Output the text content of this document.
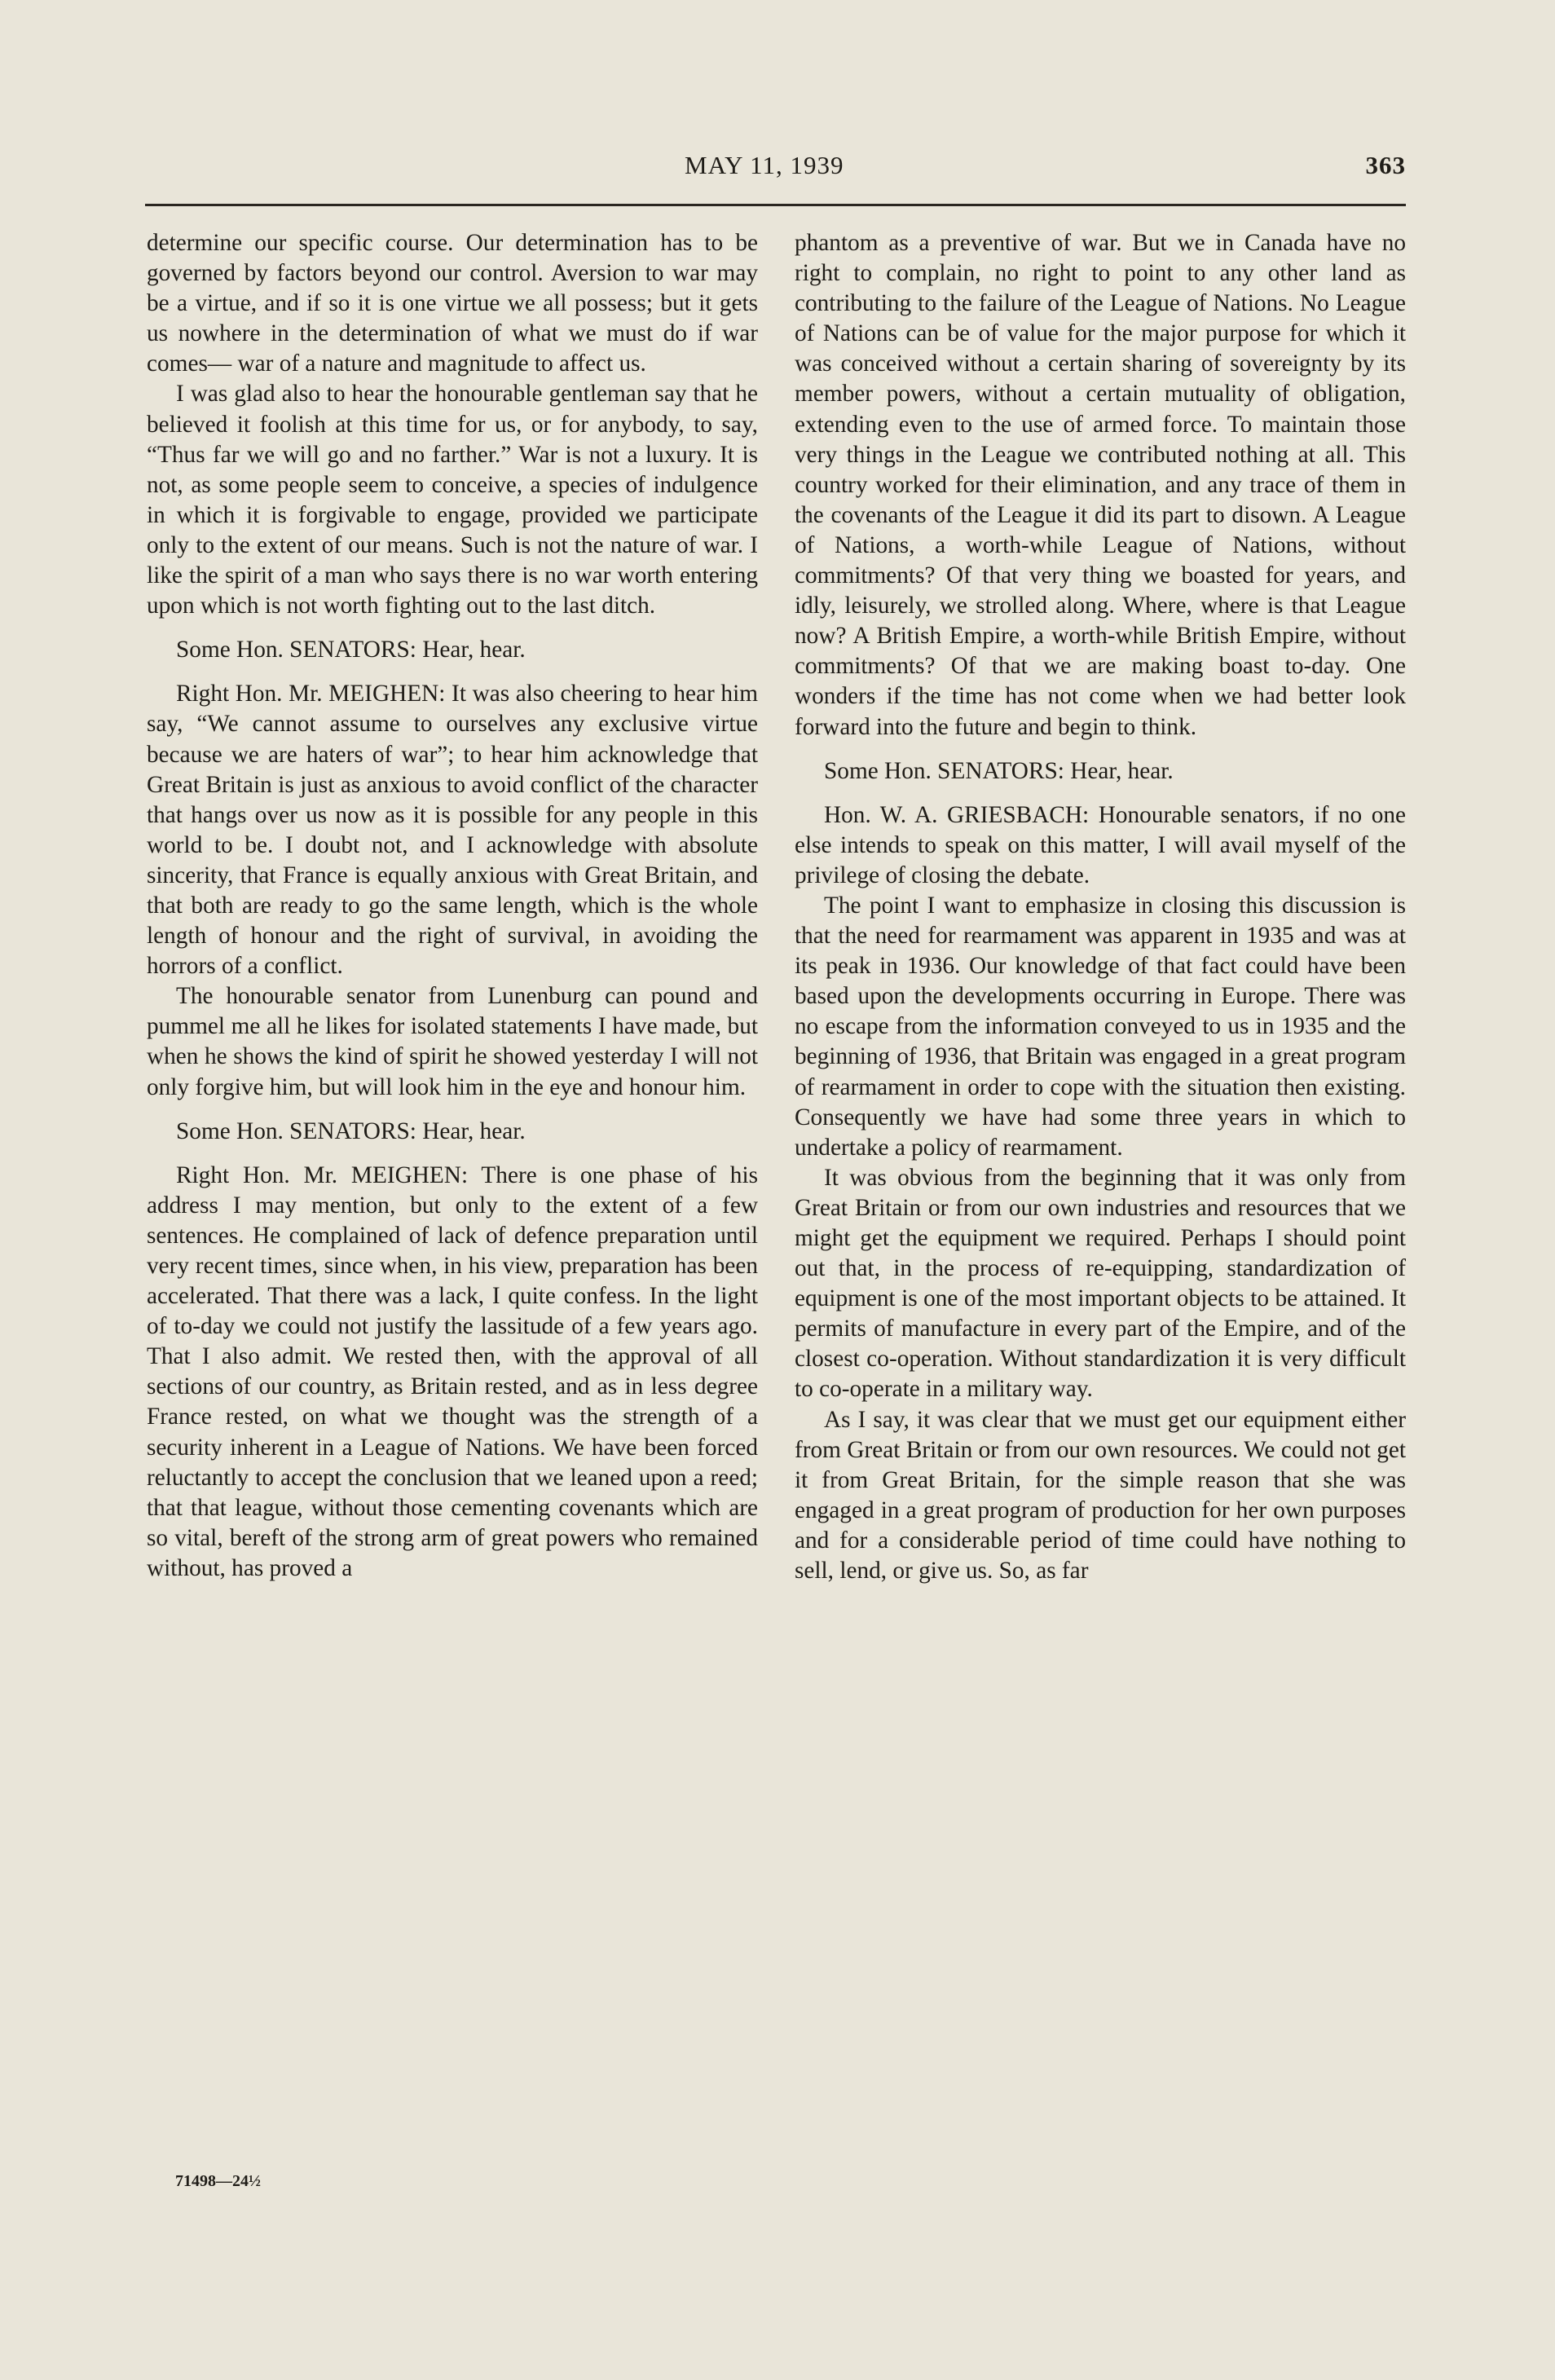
MAY 11, 1939	363

determine our specific course. Our determination has to be governed by factors beyond our control. Aversion to war may be a virtue, and if so it is one virtue we all possess; but it gets us nowhere in the determination of what we must do if war comes— war of a nature and magnitude to affect us.

I was glad also to hear the honourable gentleman say that he believed it foolish at this time for us, or for anybody, to say, “Thus far we will go and no farther.” War is not a luxury. It is not, as some people seem to conceive, a species of indulgence in which it is forgivable to engage, provided we participate only to the extent of our means. Such is not the nature of war. I like the spirit of a man who says there is no war worth entering upon which is not worth fighting out to the last ditch.

Some Hon. SENATORS: Hear, hear.

Right Hon. Mr. MEIGHEN: It was also cheering to hear him say, “We cannot assume to ourselves any exclusive virtue because we are haters of war”; to hear him acknowledge that Great Britain is just as anxious to avoid conflict of the character that hangs over us now as it is possible for any people in this world to be. I doubt not, and I acknowledge with absolute sincerity, that France is equally anxious with Great Britain, and that both are ready to go the same length, which is the whole length of honour and the right of survival, in avoiding the horrors of a conflict.

The honourable senator from Lunenburg can pound and pummel me all he likes for isolated statements I have made, but when he shows the kind of spirit he showed yesterday I will not only forgive him, but will look him in the eye and honour him.

Some Hon. SENATORS: Hear, hear.

Right Hon. Mr. MEIGHEN: There is one phase of his address I may mention, but only to the extent of a few sentences. He complained of lack of defence preparation until very recent times, since when, in his view, preparation has been accelerated. That there was a lack, I quite confess. In the light of to-day we could not justify the lassitude of a few years ago. That I also admit. We rested then, with the approval of all sections of our country, as Britain rested, and as in less degree France rested, on what we thought was the strength of a security inherent in a League of Nations. We have been forced reluctantly to accept the conclusion that we leaned upon a reed; that that league, without those cementing covenants which are so vital, bereft of the strong arm of great powers who remained without, has proved a

phantom as a preventive of war. But we in Canada have no right to complain, no right to point to any other land as contributing to the failure of the League of Nations. No League of Nations can be of value for the major purpose for which it was conceived without a certain sharing of sovereignty by its member powers, without a certain mutuality of obligation, extending even to the use of armed force. To maintain those very things in the League we contributed nothing at all. This country worked for their elimination, and any trace of them in the covenants of the League it did its part to disown. A League of Nations, a worth-while League of Nations, without commitments? Of that very thing we boasted for years, and idly, leisurely, we strolled along. Where, where is that League now? A British Empire, a worth-while British Empire, without commitments? Of that we are making boast to-day. One wonders if the time has not come when we had better look forward into the future and begin to think.

Some Hon. SENATORS: Hear, hear.

Hon. W. A. GRIESBACH: Honourable senators, if no one else intends to speak on this matter, I will avail myself of the privilege of closing the debate.

The point I want to emphasize in closing this discussion is that the need for rearmament was apparent in 1935 and was at its peak in 1936. Our knowledge of that fact could have been based upon the developments occurring in Europe. There was no escape from the information conveyed to us in 1935 and the beginning of 1936, that Britain was engaged in a great program of rearmament in order to cope with the situation then existing. Consequently we have had some three years in which to undertake a policy of rearmament.

It was obvious from the beginning that it was only from Great Britain or from our own industries and resources that we might get the equipment we required. Perhaps I should point out that, in the process of re-equipping, standardization of equipment is one of the most important objects to be attained. It permits of manufacture in every part of the Empire, and of the closest co-operation. Without standardization it is very difficult to co-operate in a military way.

As I say, it was clear that we must get our equipment either from Great Britain or from our own resources. We could not get it from Great Britain, for the simple reason that she was engaged in a great program of production for her own purposes and for a considerable period of time could have nothing to sell, lend, or give us. So, as far

71498—24½
